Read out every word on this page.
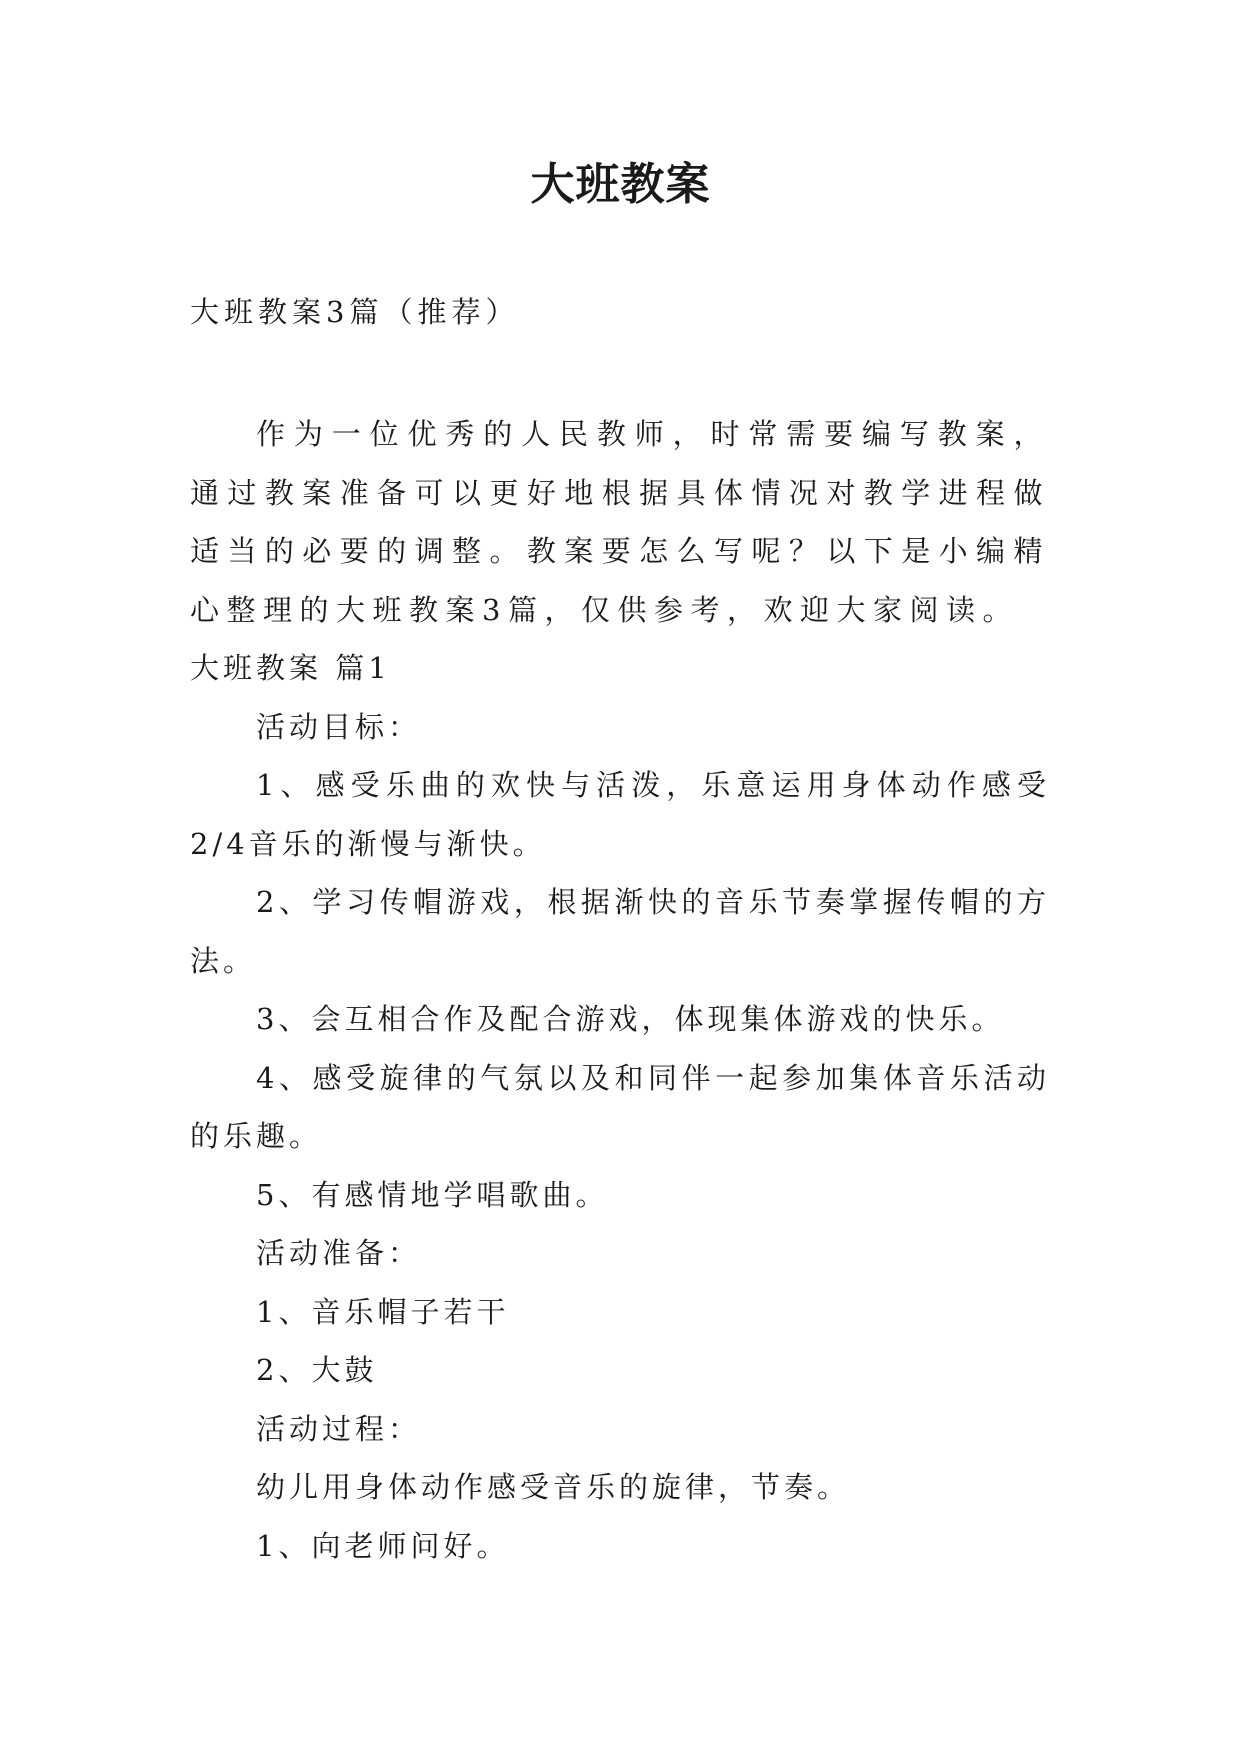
大班教案

大班教案3篇（推荐）

作为一位优秀的人民教师，时常需要编写教案，通过教案准备可以更好地根据具体情况对教学进程做适当的必要的调整。教案要怎么写呢？以下是小编精心整理的大班教案3篇，仅供参考，欢迎大家阅读。

大班教案 篇1

活动目标：

1、感受乐曲的欢快与活泼，乐意运用身体动作感受2/4音乐的渐慢与渐快。

2、学习传帽游戏，根据渐快的音乐节奏掌握传帽的方法。

3、会互相合作及配合游戏，体现集体游戏的快乐。

4、感受旋律的气氛以及和同伴一起参加集体音乐活动的乐趣。

5、有感情地学唱歌曲。

活动准备：

1、音乐帽子若干

2、大鼓

活动过程：

幼儿用身体动作感受音乐的旋律，节奏。

1、向老师问好。
